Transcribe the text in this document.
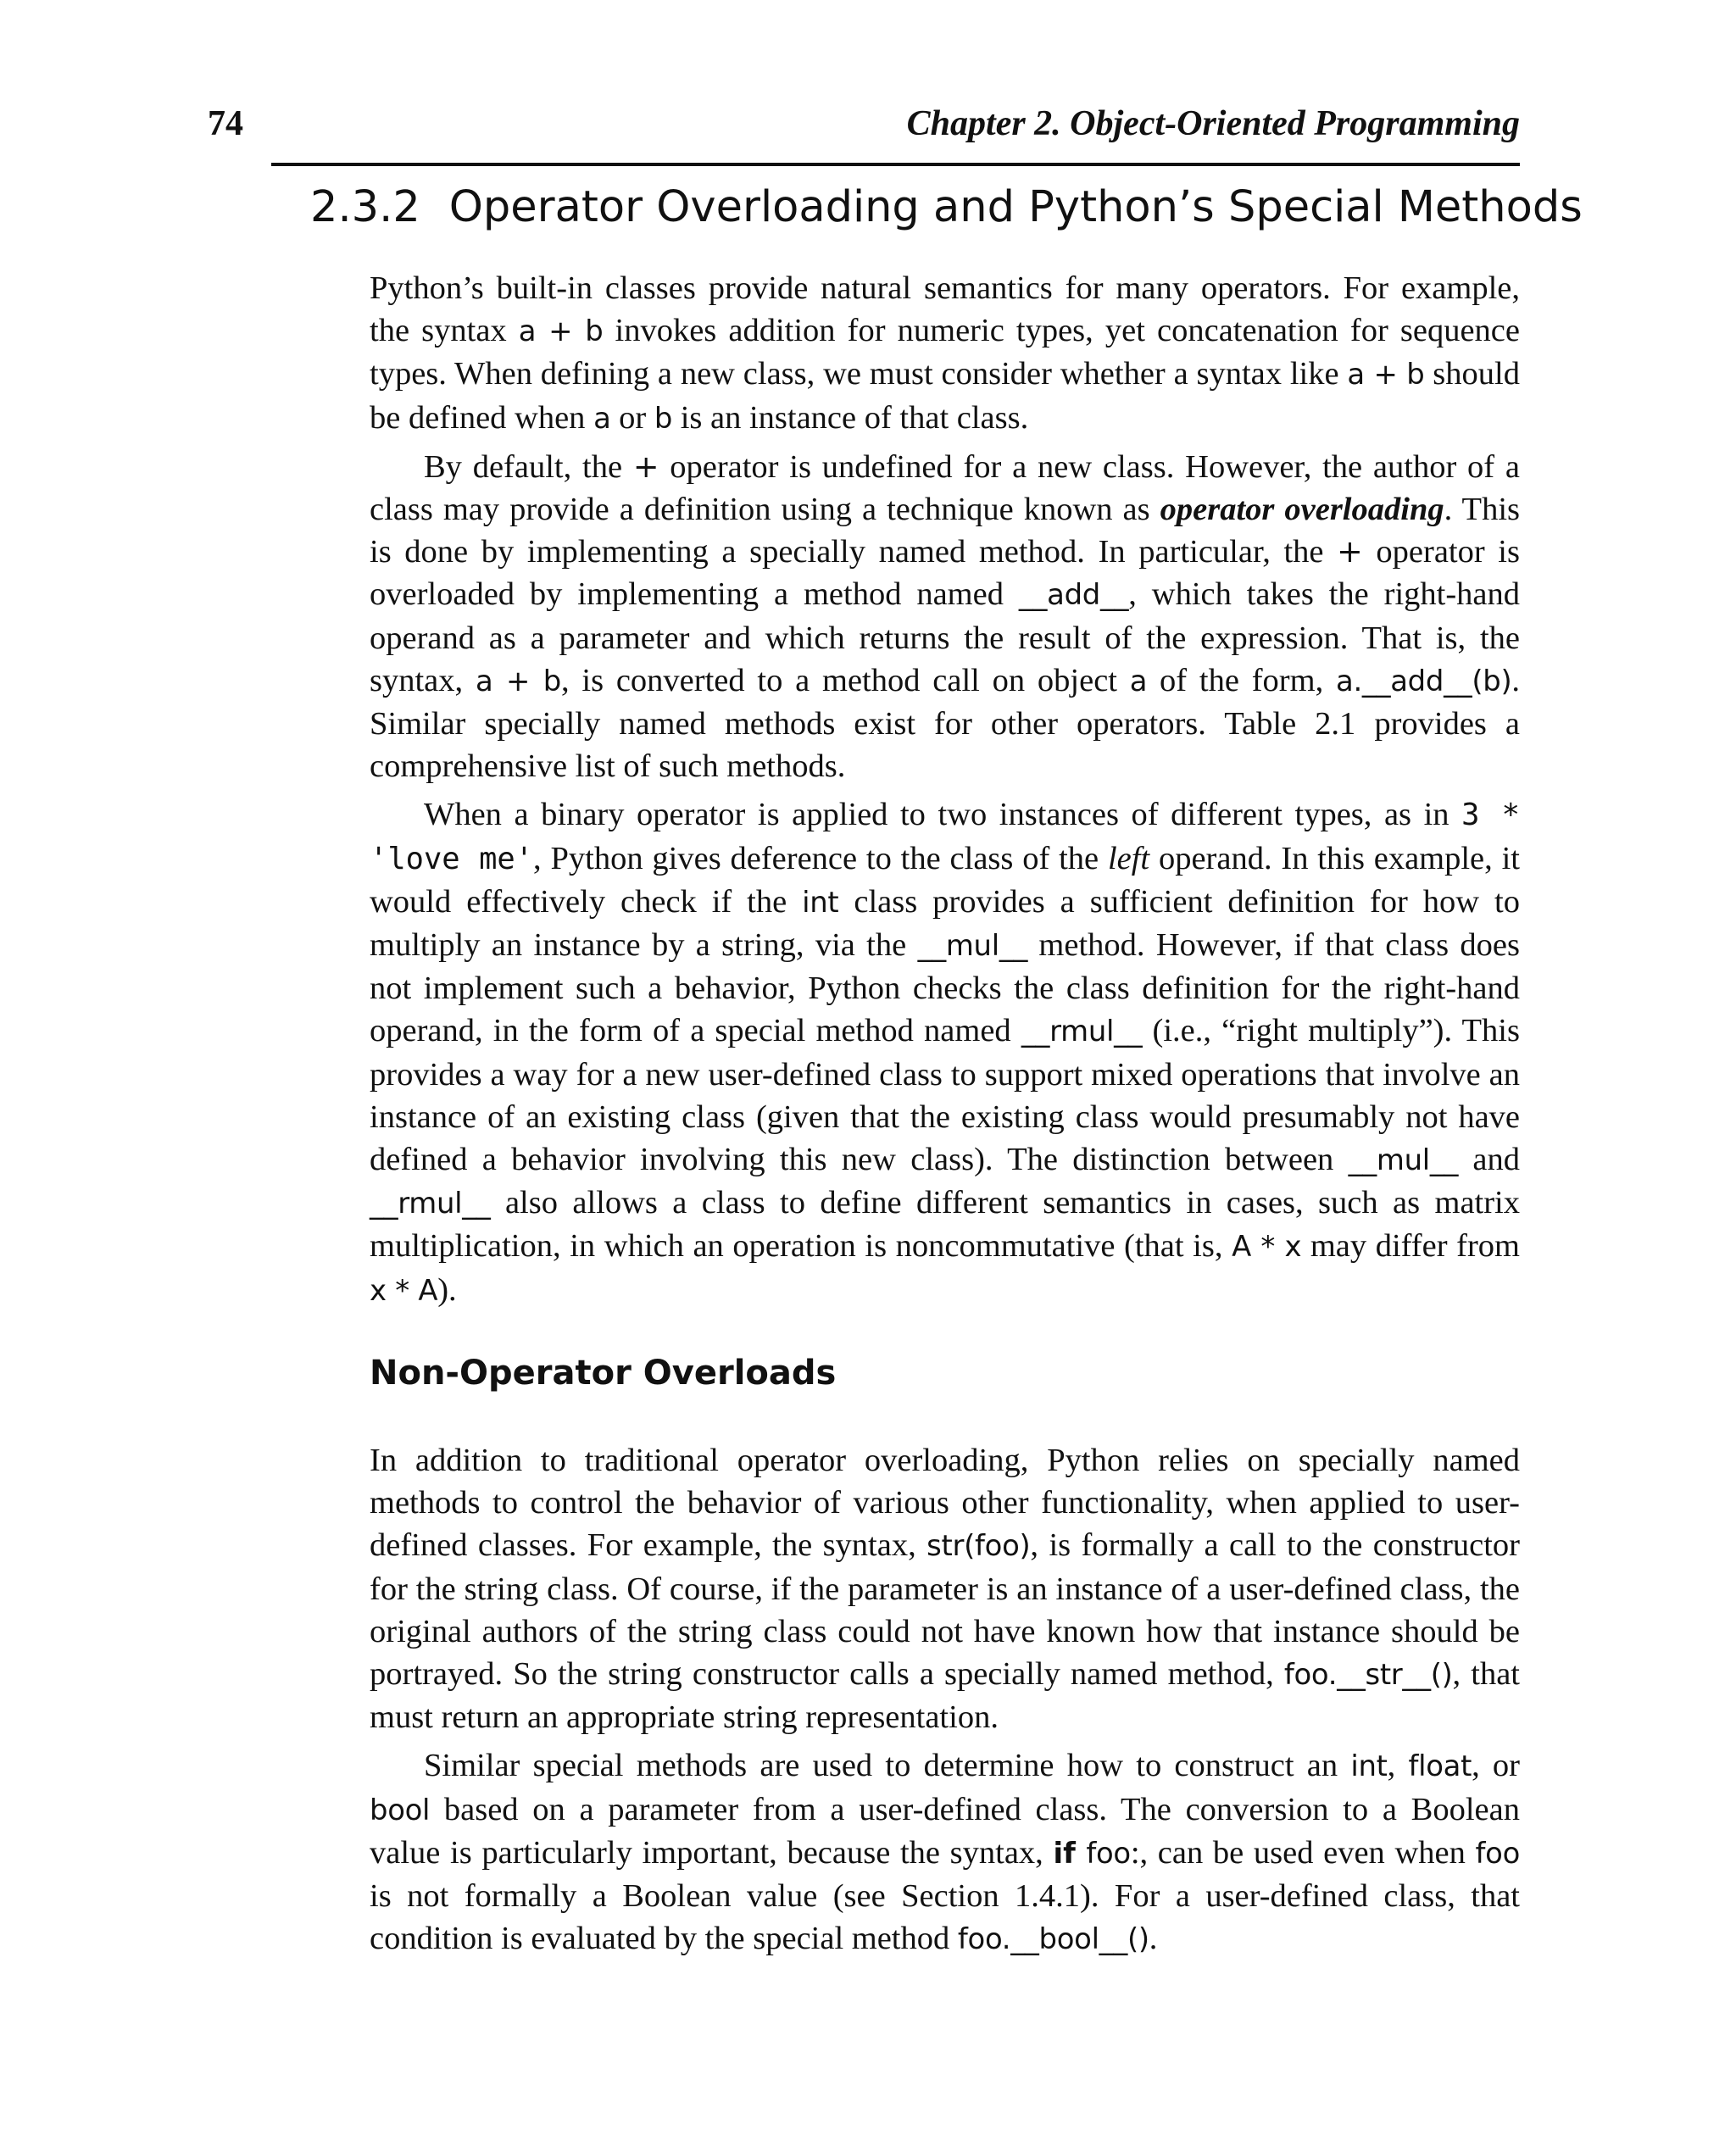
74	Chapter 2. Object-Oriented Programming
2.3.2 Operator Overloading and Python’s Special Methods

Python’s built-in classes provide natural semantics for many operators. For example, the syntax a + b invokes addition for numeric types, yet concatenation for sequence types. When defining a new class, we must consider whether a syntax like a + b should be defined when a or b is an instance of that class.

By default, the + operator is undefined for a new class. However, the author of a class may provide a definition using a technique known as operator overloading. This is done by implementing a specially named method. In particular, the + operator is overloaded by implementing a method named __add__, which takes the right-hand operand as a parameter and which returns the result of the expression. That is, the syntax, a + b, is converted to a method call on object a of the form, a.__add__(b). Similar specially named methods exist for other operators. Table 2.1 provides a comprehensive list of such methods.

When a binary operator is applied to two instances of different types, as in 3 * 'love me', Python gives deference to the class of the left operand. In this example, it would effectively check if the int class provides a sufficient definition for how to multiply an instance by a string, via the __mul__ method. However, if that class does not implement such a behavior, Python checks the class definition for the right-hand operand, in the form of a special method named __rmul__ (i.e., “right multiply”). This provides a way for a new user-defined class to support mixed operations that involve an instance of an existing class (given that the existing class would presumably not have defined a behavior involving this new class). The distinction between __mul__ and __rmul__ also allows a class to define different semantics in cases, such as matrix multiplication, in which an operation is noncommutative (that is, A * x may differ from x * A).

Non-Operator Overloads

In addition to traditional operator overloading, Python relies on specially named methods to control the behavior of various other functionality, when applied to user-defined classes. For example, the syntax, str(foo), is formally a call to the constructor for the string class. Of course, if the parameter is an instance of a user-defined class, the original authors of the string class could not have known how that instance should be portrayed. So the string constructor calls a specially named method, foo.__str__(), that must return an appropriate string representation.

Similar special methods are used to determine how to construct an int, float, or bool based on a parameter from a user-defined class. The conversion to a Boolean value is particularly important, because the syntax, if foo:, can be used even when foo is not formally a Boolean value (see Section 1.4.1). For a user-defined class, that condition is evaluated by the special method foo.__bool__().
